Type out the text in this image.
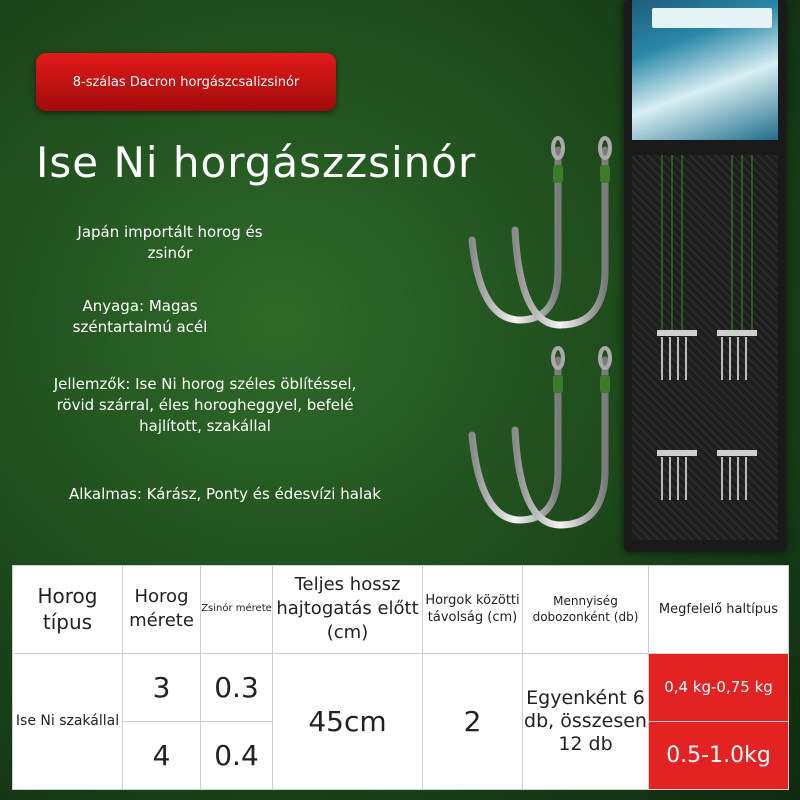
8-szálas Dacron horgászcsalizsinór
Ise Ni horgászzsinór
Japán importált horog és zsinór
Anyaga: Magas széntartalmú acél
Jellemzők: Ise Ni horog széles öblítéssel, rövid szárral, éles horogheggyel, befelé hajlított, szakállal
Alkalmas: Kárász, Ponty és édesvízi halak
Horog típus	Horog mérete	Zsinór mérete	Teljes hossz hajtogatás előtt (cm)	Horgok közötti távolság (cm)	Mennyiség dobozonként (db)	Megfelelő haltípus
Ise Ni szakállal	3	0.3	45cm	2	Egyenként 6 db, összesen 12 db	0,4 kg-0,75 kg
	4	0.4				0.5-1.0kg
